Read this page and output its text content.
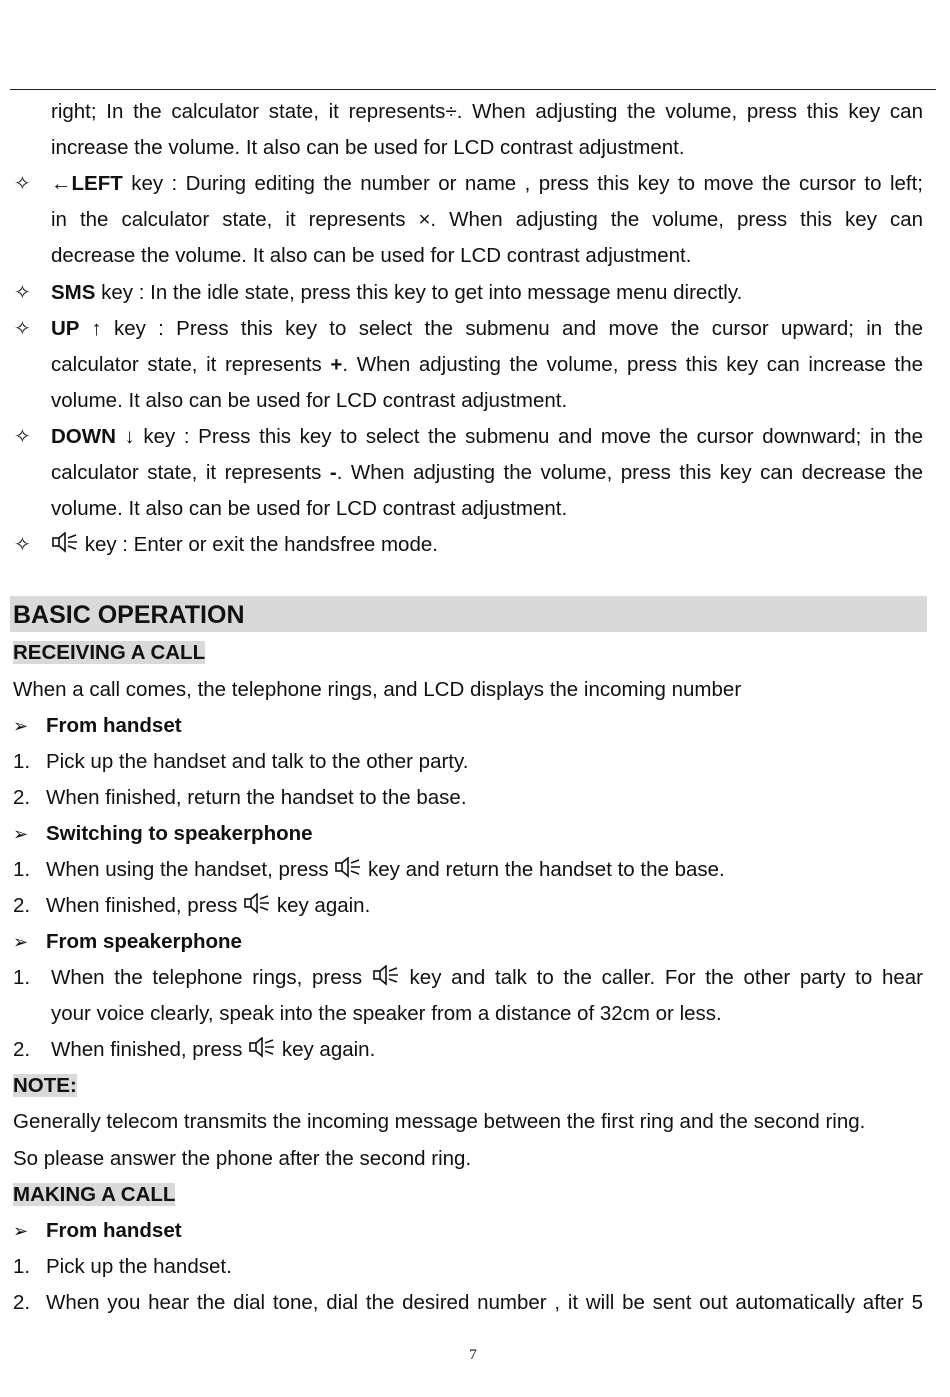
right; In the calculator state, it represents÷. When adjusting the volume, press this key can
increase the volume. It also can be used for LCD contrast adjustment.
✧ ←LEFT key : During editing the number or name , press this key to move the cursor to left;
in the calculator state, it represents ×. When adjusting the volume, press this key can
decrease the volume. It also can be used for LCD contrast adjustment.
✧ SMS key : In the idle state, press this key to get into message menu directly.
✧ UP ↑ key : Press this key to select the submenu and move the cursor upward; in the
calculator state, it represents +. When adjusting the volume, press this key can increase the
volume. It also can be used for LCD contrast adjustment.
✧ DOWN ↓ key : Press this key to select the submenu and move the cursor downward; in the
calculator state, it represents -. When adjusting the volume, press this key can decrease the
volume. It also can be used for LCD contrast adjustment.
✧	key : Enter or exit the handsfree mode.
BASIC OPERATION
RECEIVING A CALL
When a call comes, the telephone rings, and LCD displays the incoming number
➢ From handset
1. Pick up the handset and talk to the other party.
2. When finished, return the handset to the base.
➢ Switching to speakerphone
1. When using the handset, press  key and return the handset to the base.
2. When finished, press  key again.
➢ From speakerphone
1. When the telephone rings, press  key and talk to the caller. For the other party to hear
your voice clearly, speak into the speaker from a distance of 32cm or less.
2. When finished, press  key again.
NOTE:
Generally telecom transmits the incoming message between the first ring and the second ring.
So please answer the phone after the second ring.
MAKING A CALL
➢ From handset
1. Pick up the handset.
2. When you hear the dial tone, dial the desired number , it will be sent out automatically after 5
7
